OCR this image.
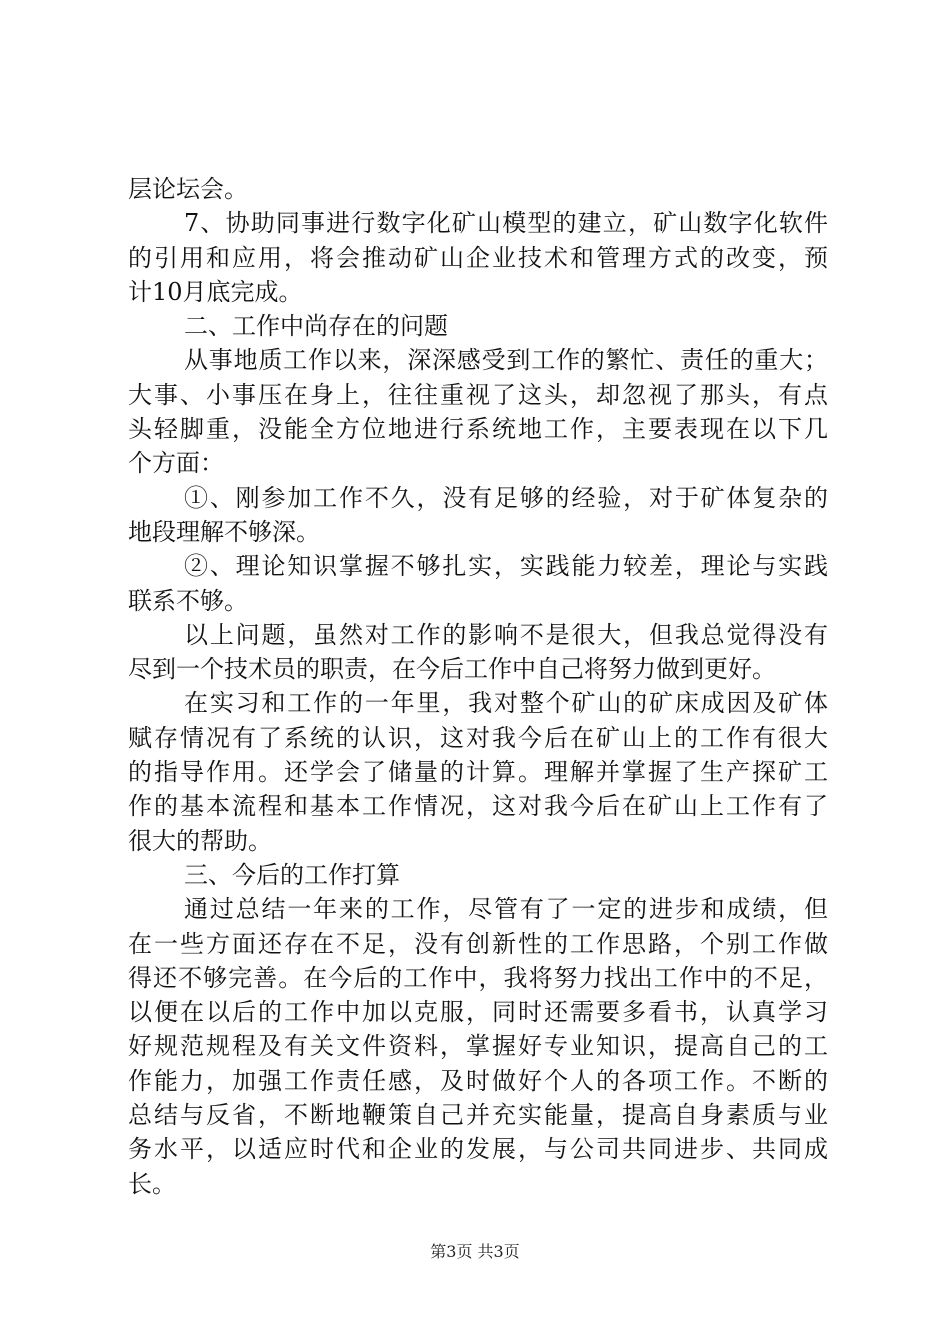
层论坛会。
7、协助同事进行数字化矿山模型的建立，矿山数字化软件
的引用和应用，将会推动矿山企业技术和管理方式的改变，预
计10月底完成。
二、工作中尚存在的问题
从事地质工作以来，深深感受到工作的繁忙、责任的重大；
大事、小事压在身上，往往重视了这头，却忽视了那头，有点
头轻脚重，没能全方位地进行系统地工作，主要表现在以下几
个方面：
①、刚参加工作不久，没有足够的经验，对于矿体复杂的
地段理解不够深。
②、理论知识掌握不够扎实，实践能力较差，理论与实践
联系不够。
以上问题，虽然对工作的影响不是很大，但我总觉得没有
尽到一个技术员的职责，在今后工作中自己将努力做到更好。
在实习和工作的一年里，我对整个矿山的矿床成因及矿体
赋存情况有了系统的认识，这对我今后在矿山上的工作有很大
的指导作用。还学会了储量的计算。理解并掌握了生产探矿工
作的基本流程和基本工作情况，这对我今后在矿山上工作有了
很大的帮助。
三、今后的工作打算
通过总结一年来的工作，尽管有了一定的进步和成绩，但
在一些方面还存在不足，没有创新性的工作思路，个别工作做
得还不够完善。在今后的工作中，我将努力找出工作中的不足，
以便在以后的工作中加以克服，同时还需要多看书，认真学习
好规范规程及有关文件资料，掌握好专业知识，提高自己的工
作能力，加强工作责任感，及时做好个人的各项工作。不断的
总结与反省，不断地鞭策自己并充实能量，提高自身素质与业
务水平，以适应时代和企业的发展，与公司共同进步、共同成
长。
第3页 共3页
